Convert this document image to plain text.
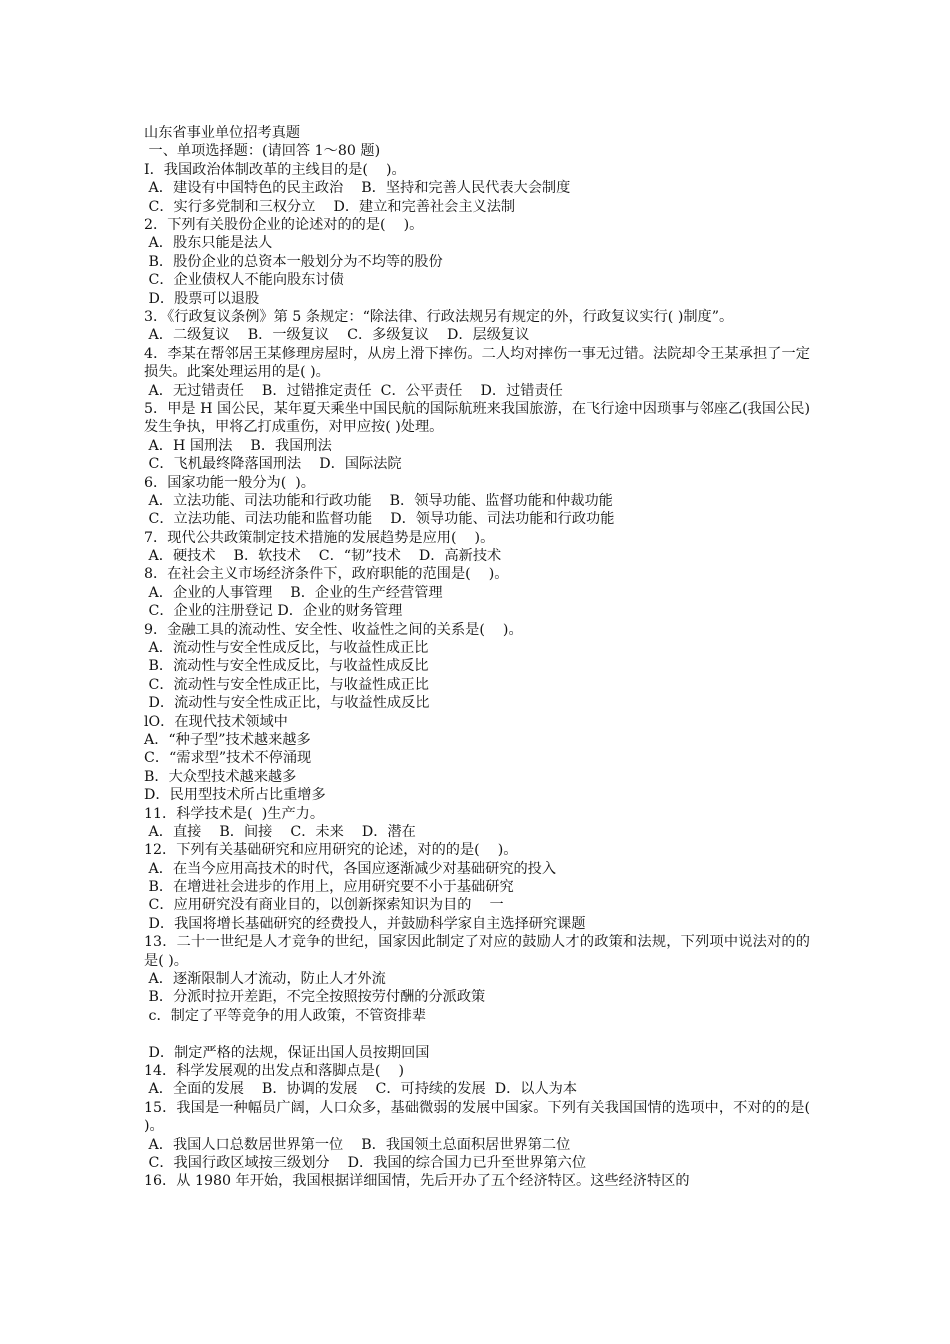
山东省事业单位招考真题
一、单项选择题：(请回答 1～80 题)
I．我国政治体制改革的主线目的是(    )。
A．建设有中国特色的民主政治    B．坚持和完善人民代表大会制度
C．实行多党制和三权分立    D．建立和完善社会主义法制
2．下列有关股份企业的论述对的的是(    )。
A．股东只能是法人
B．股份企业的总资本一般划分为不均等的股份
C．企业债权人不能向股东讨债
D．股票可以退股
3．《行政复议条例》第 5 条规定：“除法律、行政法规另有规定的外，行政复议实行( )制度”。
A．二级复议    B．一级复议    C．多级复议    D．层级复议
4．李某在帮邻居王某修理房屋时，从房上滑下摔伤。二人均对摔伤一事无过错。法院却令王某承担了一定损失。此案处理运用的是( )。
A．无过错责任    B．过错推定责任  C．公平责任    D．过错责任
5．甲是 H 国公民，某年夏天乘坐中国民航的国际航班来我国旅游，在飞行途中因琐事与邻座乙(我国公民)发生争执，甲将乙打成重伤，对甲应按( )处理。
A．H 国刑法    B．我国刑法
C．飞机最终降落国刑法    D．国际法院
6．国家功能一般分为(  )。
A．立法功能、司法功能和行政功能    B．领导功能、监督功能和仲裁功能
C．立法功能、司法功能和监督功能    D．领导功能、司法功能和行政功能
7．现代公共政策制定技术措施的发展趋势是应用(    )。
A．硬技术    B．软技术    C．“韧”技术    D．高新技术
8．在社会主义市场经济条件下，政府职能的范围是(    )。
A．企业的人事管理    B．企业的生产经营管理
C．企业的注册登记 D．企业的财务管理
9．金融工具的流动性、安全性、收益性之间的关系是(    )。
A．流动性与安全性成反比，与收益性成正比
B．流动性与安全性成反比，与收益性成反比
C．流动性与安全性成正比，与收益性成正比
D．流动性与安全性成正比，与收益性成反比
lO．在现代技术领域中
A．“种子型”技术越来越多
C．“需求型”技术不停涌现
B．大众型技术越来越多
D．民用型技术所占比重增多
11．科学技术是(  )生产力。
A．直接    B．间接    C．未来    D．潜在
12．下列有关基础研究和应用研究的论述，对的的是(    )。
A．在当今应用高技术的时代，各国应逐渐减少对基础研究的投入
B．在增进社会进步的作用上，应用研究要不小于基础研究
C．应用研究没有商业目的，以创新探索知识为目的    一
D．我国将增长基础研究的经费投人，并鼓励科学家自主选择研究课题
13．二十一世纪是人才竞争的世纪，国家因此制定了对应的鼓励人才的政策和法规，下列项中说法对的的是( )。
A．逐渐限制人才流动，防止人才外流
B．分派时拉开差距，不完全按照按劳付酬的分派政策
c．制定了平等竞争的用人政策，不管资排辈
D．制定严格的法规，保证出国人员按期回国
14．科学发展观的出发点和落脚点是(    )
A．全面的发展    B．协调的发展    C．可持续的发展  D．以人为本
15．我国是一种幅员广阔，人口众多，基础微弱的发展中国家。下列有关我国国情的选项中，不对的的是( )。
A．我国人口总数居世界第一位    B．我国领土总面积居世界第二位
C．我国行政区域按三级划分    D．我国的综合国力已升至世界第六位
16．从 1980 年开始，我国根据详细国情，先后开办了五个经济特区。这些经济特区的
